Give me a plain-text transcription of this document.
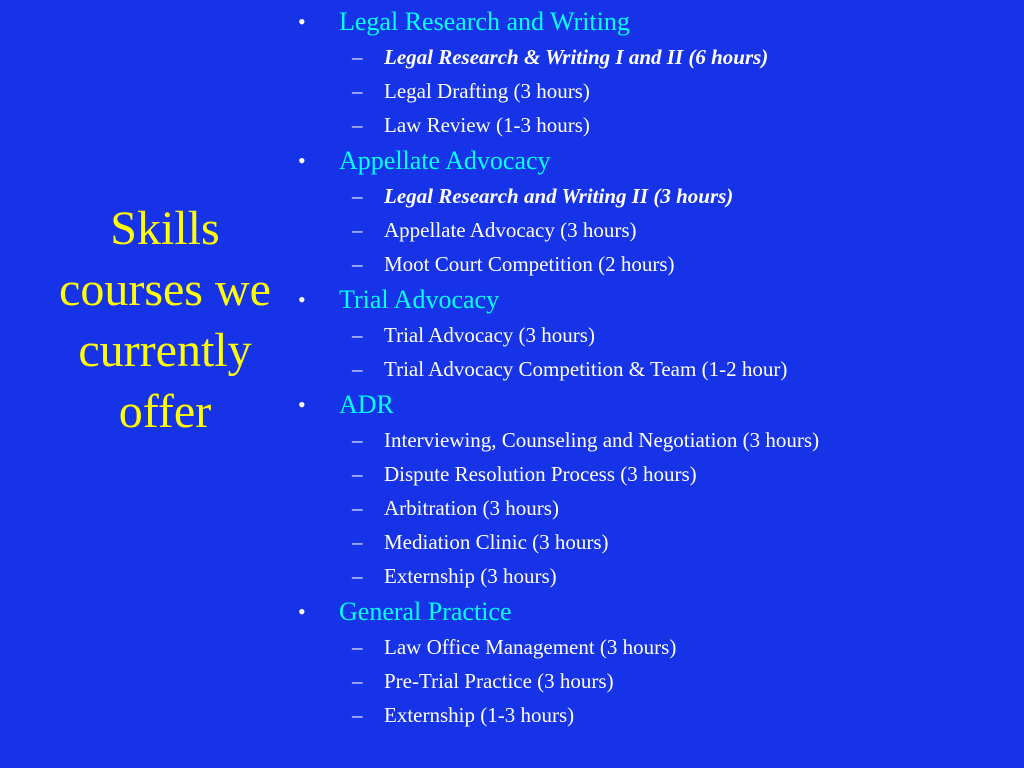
Skills
courses we
currently
offer
• Legal Research and Writing
– Legal Research & Writing I and II (6 hours)
– Legal Drafting (3 hours)
– Law Review (1-3 hours)
• Appellate Advocacy
– Legal Research and Writing II (3 hours)
– Appellate Advocacy (3 hours)
– Moot Court Competition (2 hours)
• Trial Advocacy
– Trial Advocacy (3 hours)
– Trial Advocacy Competition & Team (1-2 hour)
• ADR
– Interviewing, Counseling and Negotiation (3 hours)
– Dispute Resolution Process (3 hours)
– Arbitration (3 hours)
– Mediation Clinic (3 hours)
– Externship (3 hours)
• General Practice
– Law Office Management (3 hours)
– Pre-Trial Practice (3 hours)
– Externship (1-3 hours)
